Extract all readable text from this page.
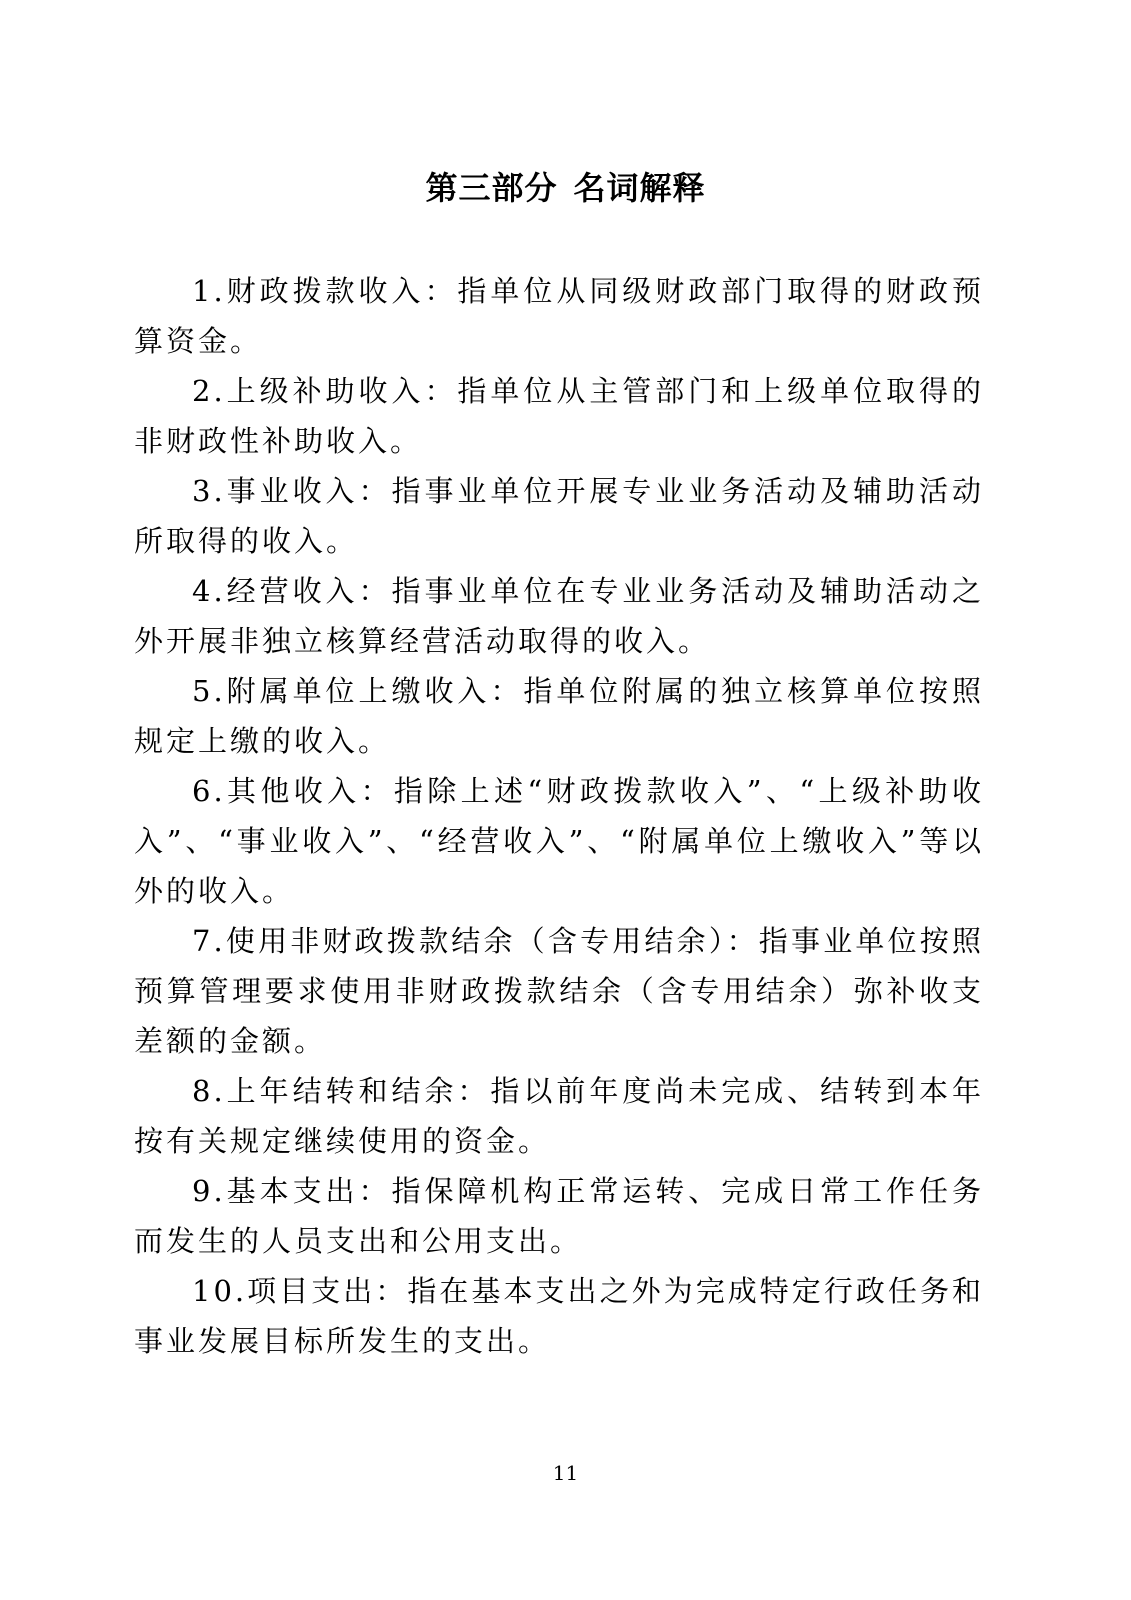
第三部分 名词解释

1.财政拨款收入：指单位从同级财政部门取得的财政预算资金。

2.上级补助收入：指单位从主管部门和上级单位取得的非财政性补助收入。

3.事业收入：指事业单位开展专业业务活动及辅助活动所取得的收入。

4.经营收入：指事业单位在专业业务活动及辅助活动之外开展非独立核算经营活动取得的收入。

5.附属单位上缴收入：指单位附属的独立核算单位按照规定上缴的收入。

6.其他收入：指除上述“财政拨款收入”、“上级补助收入”、“事业收入”、“经营收入”、“附属单位上缴收入”等以外的收入。

7.使用非财政拨款结余（含专用结余）：指事业单位按照预算管理要求使用非财政拨款结余（含专用结余）弥补收支差额的金额。

8.上年结转和结余：指以前年度尚未完成、结转到本年按有关规定继续使用的资金。

9.基本支出：指保障机构正常运转、完成日常工作任务而发生的人员支出和公用支出。

10.项目支出：指在基本支出之外为完成特定行政任务和事业发展目标所发生的支出。

11
